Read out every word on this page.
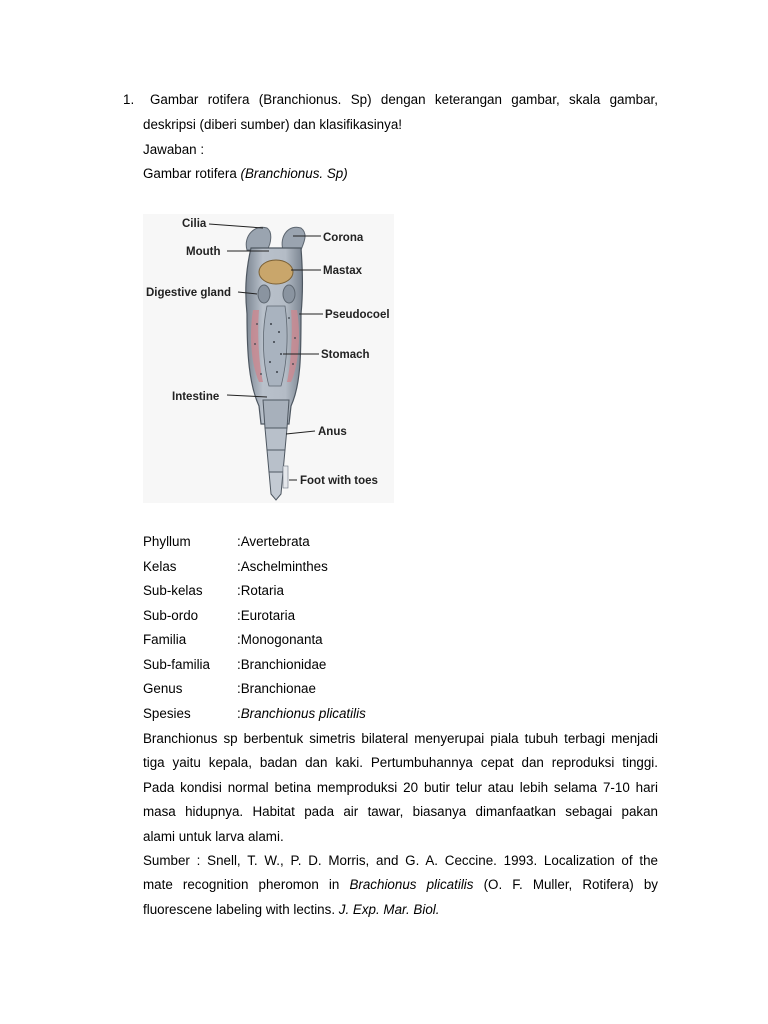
1. Gambar rotifera (Branchionus. Sp) dengan keterangan gambar, skala gambar,
deskripsi (diberi sumber) dan klasifikasinya!
Jawaban :
Gambar rotifera (Branchionus. Sp)
Cilia
Mouth
Digestive gland
Intestine
Corona
Mastax
Pseudocoel
Stomach
Anus
Foot with toes
Phyllum	:Avertebrata
Kelas	:Aschelminthes
Sub-kelas	:Rotaria
Sub-ordo	:Eurotaria
Familia	:Monogonanta
Sub-familia :Branchionidae
Genus	:Branchionae
Spesies	:Branchionus plicatilis
Branchionus sp berbentuk simetris bilateral menyerupai piala tubuh terbagi menjadi
tiga yaitu kepala, badan dan kaki. Pertumbuhannya cepat dan reproduksi tinggi.
Pada kondisi normal betina memproduksi 20 butir telur atau lebih selama 7-10 hari
masa hidupnya. Habitat pada air tawar, biasanya dimanfaatkan sebagai pakan
alami untuk larva alami.
Sumber : Snell, T. W., P. D. Morris, and G. A. Ceccine. 1993. Localization of the
mate recognition pheromon in Brachionus plicatilis (O. F. Muller, Rotifera) by
fluorescene labeling with lectins. J. Exp. Mar. Biol.
